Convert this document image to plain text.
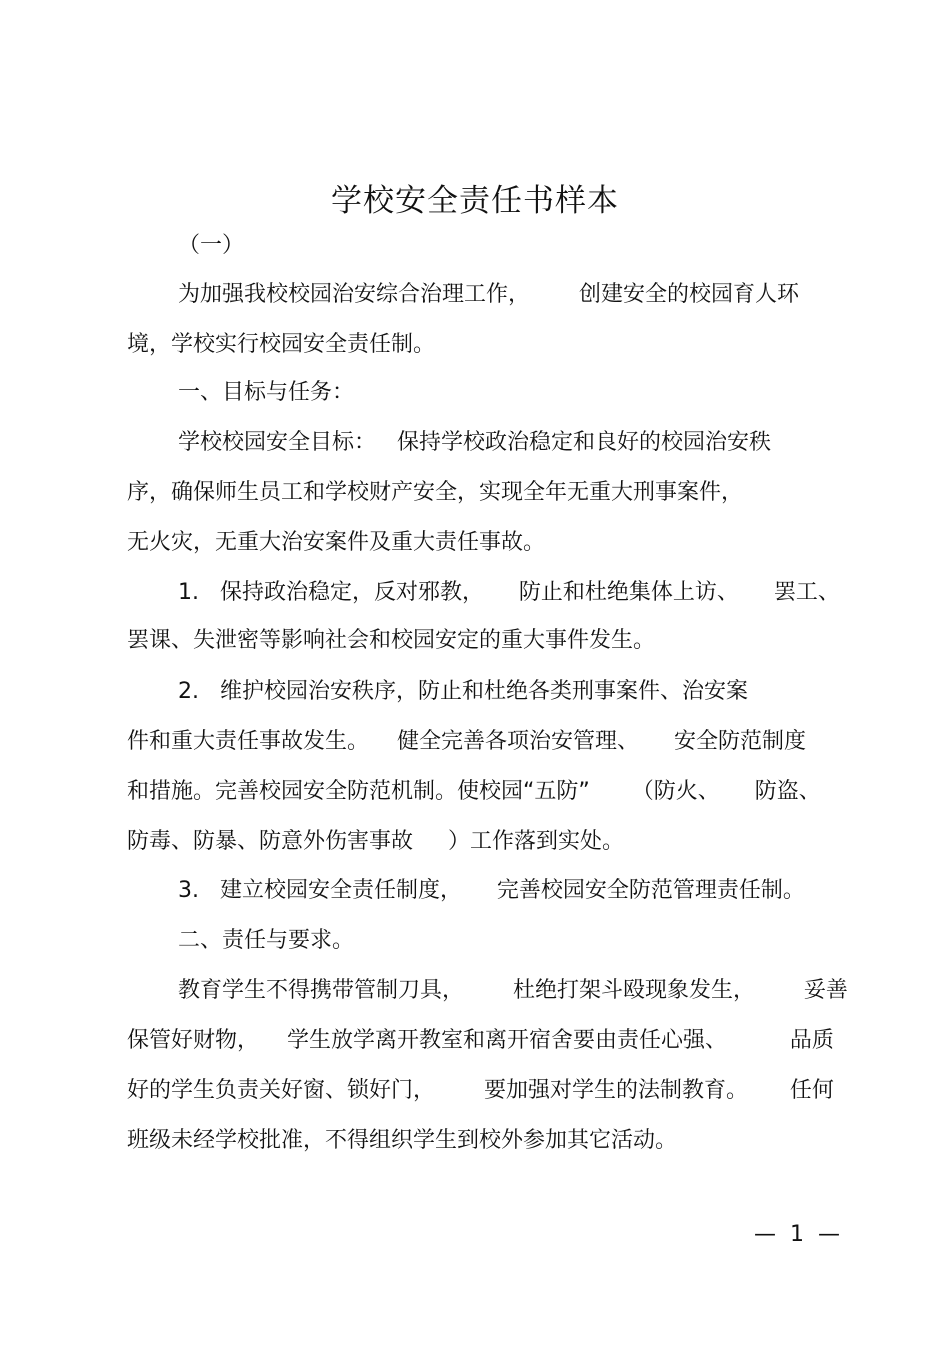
学校安全责任书样本
（一）
为加强我校校园治安综合治理工作，       创建安全的校园育人环
境，学校实行校园安全责任制。
一、目标与任务：
学校校园安全目标：   保持学校政治稳定和良好的校园治安秩
序，确保师生员工和学校财产安全，实现全年无重大刑事案件，
无火灾，无重大治安案件及重大责任事故。
1.   保持政治稳定，反对邪教，     防止和杜绝集体上访、     罢工、
罢课、失泄密等影响社会和校园安定的重大事件发生。
2.   维护校园治安秩序，防止和杜绝各类刑事案件、治安案
件和重大责任事故发生。    健全完善各项治安管理、     安全防范制度
和措施。完善校园安全防范机制。使校园“五防”      （防火、     防盗、
防毒、防暴、防意外伤害事故     ）工作落到实处。
3.   建立校园安全责任制度，     完善校园安全防范管理责任制。
二、责任与要求。
教育学生不得携带管制刀具，       杜绝打架斗殴现象发生，       妥善
保管好财物，    学生放学离开教室和离开宿舍要由责任心强、         品质
好的学生负责关好窗、锁好门，       要加强对学生的法制教育。      任何
班级未经学校批准，不得组织学生到校外参加其它活动。
—  1  —
